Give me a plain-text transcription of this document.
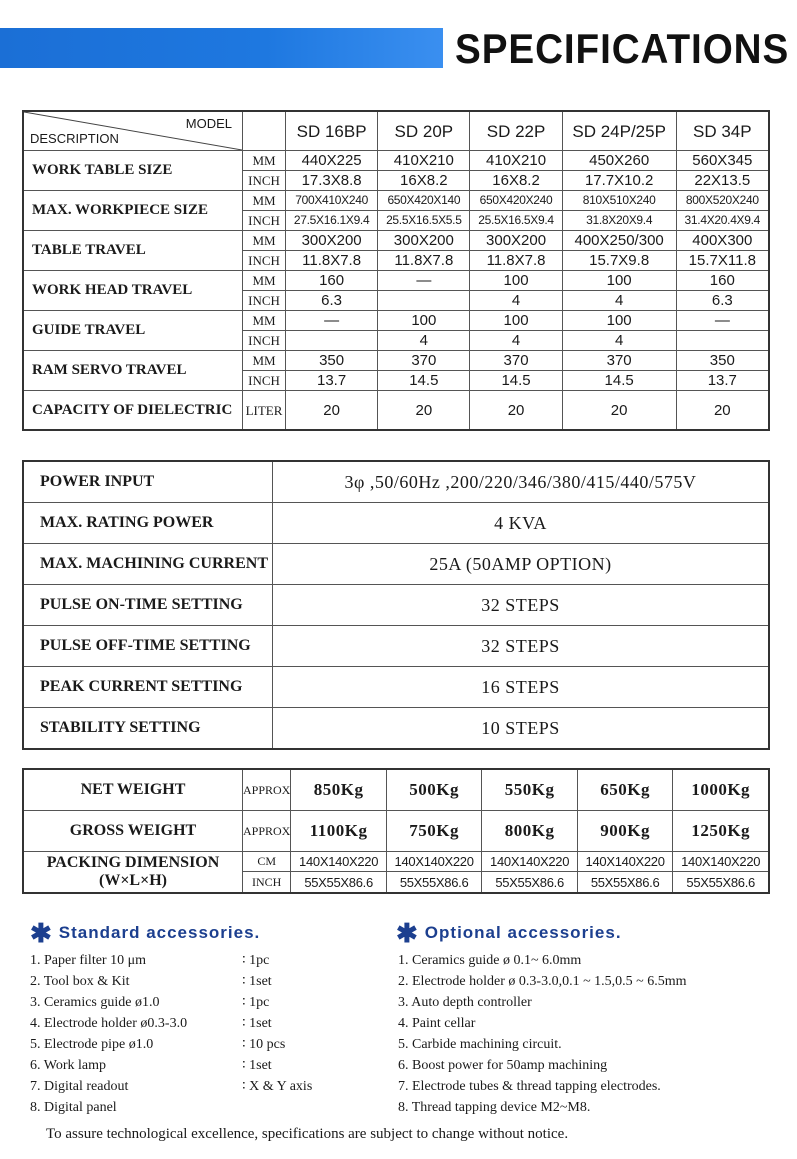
SPECIFICATIONS
MODEL
DESCRIPTION		SD 16BP	SD 20P	SD 22P	SD 24P/25P	SD 34P
WORK TABLE SIZE	MM	440X225	410X210	410X210	450X260	560X345
	INCH	17.3X8.8	16X8.2	16X8.2	17.7X10.2	22X13.5
MAX. WORKPIECE SIZE	MM	700X410X240	650X420X140	650X420X240	810X510X240	800X520X240
	INCH	27.5X16.1X9.4	25.5X16.5X5.5	25.5X16.5X9.4	31.8X20X9.4	31.4X20.4X9.4
TABLE TRAVEL	MM	300X200	300X200	300X200	400X250/300	400X300
	INCH	11.8X7.8	11.8X7.8	11.8X7.8	15.7X9.8	15.7X11.8
WORK HEAD TRAVEL	MM	160	—	100	100	160
	INCH	6.3		4	4	6.3
GUIDE TRAVEL	MM	—	100	100	100	—
	INCH		4	4	4	
RAM SERVO TRAVEL	MM	350	370	370	370	350
	INCH	13.7	14.5	14.5	14.5	13.7
CAPACITY OF DIELECTRIC	LITER	20	20	20	20	20
POWER INPUT	3φ ,50/60Hz ,200/220/346/380/415/440/575V
MAX. RATING POWER	4 KVA
MAX. MACHINING CURRENT	25A (50AMP OPTION)
PULSE ON-TIME SETTING	32 STEPS
PULSE OFF-TIME SETTING	32 STEPS
PEAK CURRENT SETTING	16 STEPS
STABILITY SETTING	10 STEPS
NET WEIGHT	APPROX	850Kg	500Kg	550Kg	650Kg	1000Kg
GROSS WEIGHT	APPROX	1100Kg	750Kg	800Kg	900Kg	1250Kg

PACKING DIMENSION
(W×L×H)	CM	140X140X220	140X140X220	140X140X220	140X140X220	140X140X220
	INCH	55X55X86.6	55X55X86.6	55X55X86.6	55X55X86.6	55X55X86.6
✱ Standard accessories.	✱ Optional accessories.
1. Paper filter 10 μm	∶ 1pc
2. Tool box & Kit	∶ 1set
3. Ceramics guide ø1.0	∶ 1pc
4. Electrode holder ø0.3-3.0	∶ 1set
5. Electrode pipe ø1.0	∶ 10 pcs
6. Work lamp	∶ 1set
7. Digital readout	∶ X & Y axis
8. Digital panel
1. Ceramics guide ø 0.1~ 6.0mm
2. Electrode holder ø 0.3-3.0,0.1 ~ 1.5,0.5 ~ 6.5mm
3. Auto depth controller
4. Paint cellar
5. Carbide machining circuit.
6. Boost power for 50amp machining
7. Electrode tubes & thread tapping electrodes.
8. Thread tapping device M2~M8.
To assure technological excellence, specifications are subject to change without notice.
